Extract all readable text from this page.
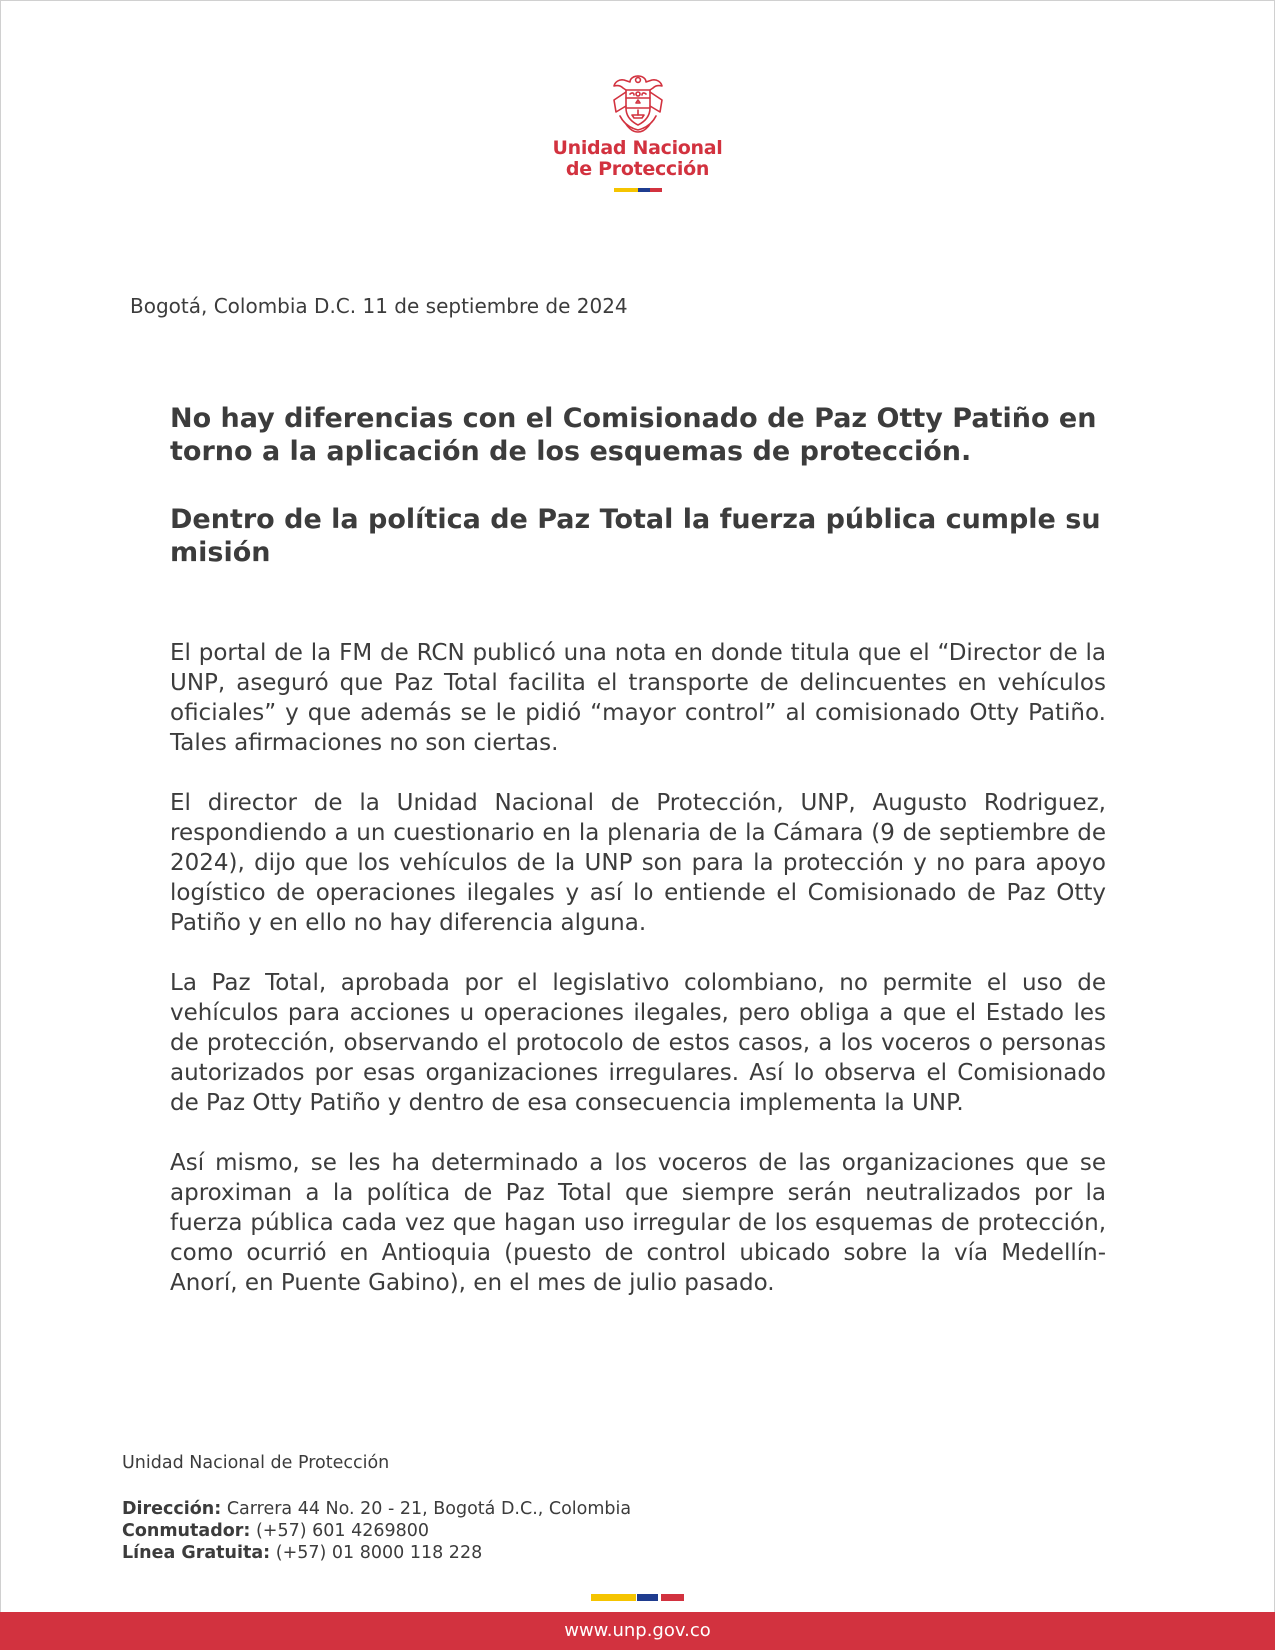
Unidad Nacional
de Protección
Bogotá, Colombia D.C. 11 de septiembre de 2024
No hay diferencias con el Comisionado de Paz Otty Patiño en torno a la aplicación de los esquemas de protección.
Dentro de la política de Paz Total la fuerza pública cumple su misión

El portal de la FM de RCN publicó una nota en donde titula que el “Director de la UNP, aseguró que Paz Total facilita el transporte de delincuentes en vehículos oficiales” y que además se le pidió “mayor control” al comisionado Otty Patiño. Tales afirmaciones no son ciertas.

El director de la Unidad Nacional de Protección, UNP, Augusto Rodriguez, respondiendo a un cuestionario en la plenaria de la Cámara (9 de septiembre de 2024), dijo que los vehículos de la UNP son para la protección y no para apoyo logístico de operaciones ilegales y así lo entiende el Comisionado de Paz Otty Patiño y en ello no hay diferencia alguna.

La Paz Total, aprobada por el legislativo colombiano, no permite el uso de vehículos para acciones u operaciones ilegales, pero obliga a que el Estado les de protección, observando el protocolo de estos casos, a los voceros o personas autorizados por esas organizaciones irregulares. Así lo observa el Comisionado de Paz Otty Patiño y dentro de esa consecuencia implementa la UNP.

Así mismo, se les ha determinado a los voceros de las organizaciones que se aproximan a la política de Paz Total que siempre serán neutralizados por la fuerza pública cada vez que hagan uso irregular de los esquemas de protección, como ocurrió en Antioquia (puesto de control ubicado sobre la vía Medellín-Anorí, en Puente Gabino), en el mes de julio pasado.

Unidad Nacional de Protección
Dirección: Carrera 44 No. 20 - 21, Bogotá D.C., Colombia
Conmutador: (+57) 601 4269800
Línea Gratuita: (+57) 01 8000 118 228
www.unp.gov.co
